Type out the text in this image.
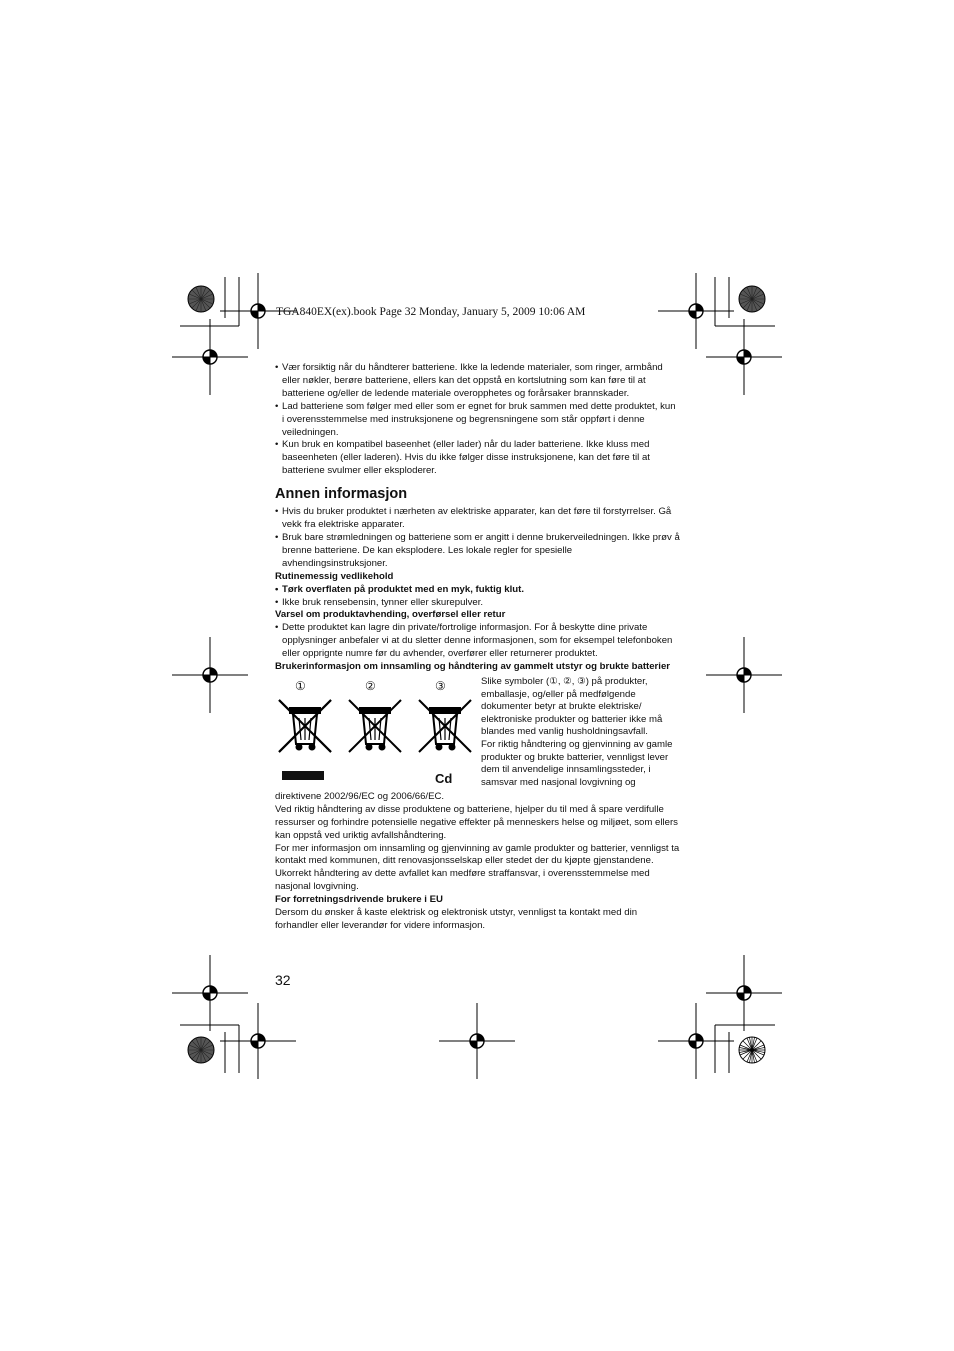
TGA840EX(ex).book Page 32 Monday, January 5, 2009 10:06 AM

• Vær forsiktig når du håndterer batteriene. Ikke la ledende materialer, som ringer, armbånd eller nøkler, berøre batteriene, ellers kan det oppstå en kortslutning som kan føre til at batteriene og/eller de ledende materiale overopphetes og forårsaker brannskader.

• Lad batteriene som følger med eller som er egnet for bruk sammen med dette produktet, kun i overensstemmelse med instruksjonene og begrensningene som står oppført i denne veiledningen.

• Kun bruk en kompatibel baseenhet (eller lader) når du lader batteriene. Ikke kluss med baseenheten (eller laderen). Hvis du ikke følger disse instruksjonene, kan det føre til at batteriene svulmer eller eksploderer.

Annen informasjon

• Hvis du bruker produktet i nærheten av elektriske apparater, kan det føre til forstyrrelser. Gå vekk fra elektriske apparater.

• Bruk bare strømledningen og batteriene som er angitt i denne brukerveiledningen. Ikke prøv å brenne batteriene. De kan eksplodere. Les lokale regler for spesielle avhendingsinstruksjoner.

Rutinemessig vedlikehold

• Tørk overflaten på produktet med en myk, fuktig klut.

• Ikke bruk rensebensin, tynner eller skurepulver.

Varsel om produktavhending, overførsel eller retur

• Dette produktet kan lagre din private/fortrolige informasjon. For å beskytte dine private opplysninger anbefaler vi at du sletter denne informasjonen, som for eksempel telefonboken eller opprignte numre før du avhender, overfører eller returnerer produktet.

Brukerinformasjon om innsamling og håndtering av gammelt utstyr og brukte batterier

①	②	③
Cd

Slike symboler (①, ②, ③) på produkter, emballasje, og/eller på medfølgende dokumenter betyr at brukte elektriske/ elektroniske produkter og batterier ikke må blandes med vanlig husholdningsavfall.

For riktig håndtering og gjenvinning av gamle produkter og brukte batterier, vennligst lever dem til anvendelige innsamlingssteder, i samsvar med nasjonal lovgivning og

direktivene 2002/96/EC og 2006/66/EC.

Ved riktig håndtering av disse produktene og batteriene, hjelper du til med å spare verdifulle ressurser og forhindre potensielle negative effekter på menneskers helse og miljøet, som ellers kan oppstå ved uriktig avfallshåndtering.

For mer informasjon om innsamling og gjenvinning av gamle produkter og batterier, vennligst ta kontakt med kommunen, ditt renovasjonsselskap eller stedet der du kjøpte gjenstandene.

Ukorrekt håndtering av dette avfallet kan medføre straffansvar, i overensstemmelse med nasjonal lovgivning.

For forretningsdrivende brukere i EU

Dersom du ønsker å kaste elektrisk og elektronisk utstyr, vennligst ta kontakt med din forhandler eller leverandør for videre informasjon.

32
